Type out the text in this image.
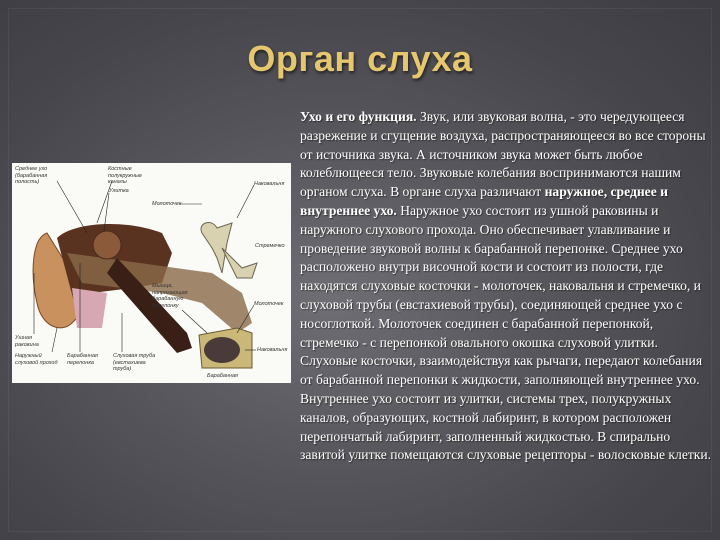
Орган слуха
Среднее ухо (барабанная полость)
Костные полукружные каналы
Улитка
Молоточек
Наковальня
Стремечко
Ушная раковина
Наружный слуховой проход
Барабанная перепонка
Слуховая труба (евстахиева труба)
Мышца, напрягающая барабанную перепонку	Молоточек
Наковальня
Барабанная
Ухо и его функция. Звук, или звуковая волна, - это чередующееся разрежение и сгущение воздуха, распространяющееся во все стороны от источника звука. А источником звука может быть любое колеблющееся тело. Звуковые колебания воспринимаются нашим органом слуха. В органе слуха различают наружное, среднее и внутреннее ухо. Наружное ухо состоит из ушной раковины и наружного слухового прохода. Оно обеспечивает улавливание и проведение звуковой волны к барабанной перепонке. Среднее ухо расположено внутри височной кости и состоит из полости, где находятся слуховые косточки - молоточек, наковальня и стремечко, и слуховой трубы (евстахиевой трубы), соединяющей среднее ухо с носоглоткой. Молоточек соединен с барабанной перепонкой, стремечко - с перепонкой овального окошка слуховой улитки. Слуховые косточки, взаимодействуя как рычаги, передают колебания от барабанной перепонки к жидкости, заполняющей внутреннее ухо. Внутреннее ухо состоит из улитки, системы трех, полукружных каналов, образующих, костной лабиринт, в котором расположен перепончатый лабиринт, заполненный жидкостью. В спирально завитой улитке помещаются слуховые рецепторы - волосковые клетки.
